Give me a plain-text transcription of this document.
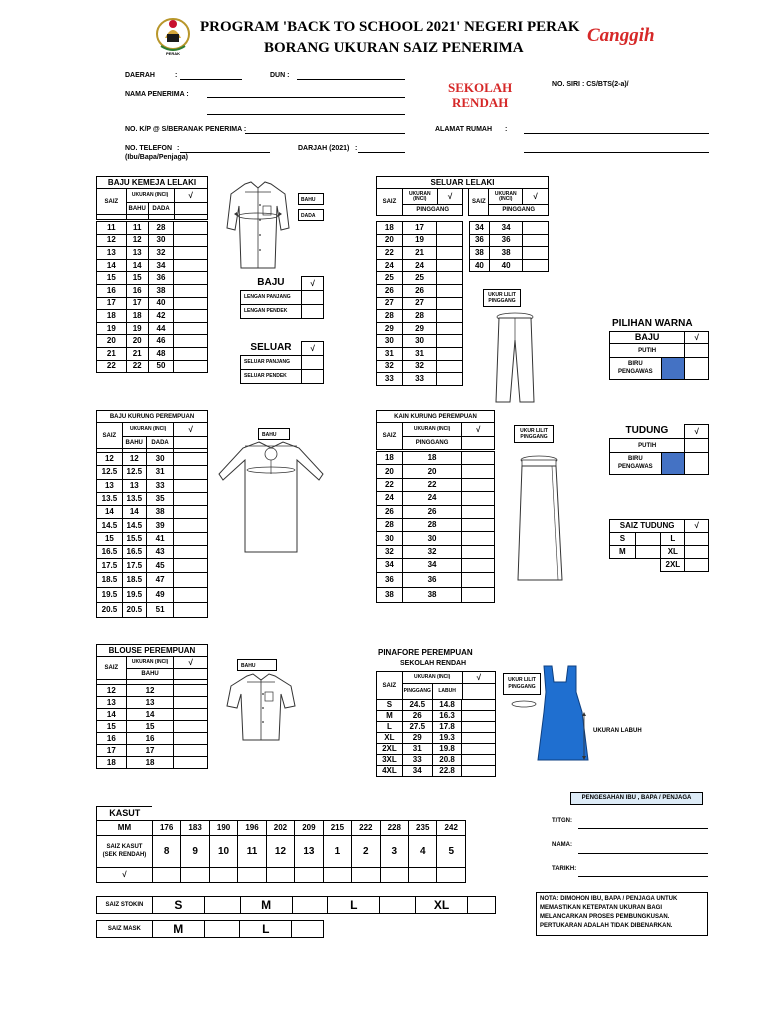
PERAK
PROGRAM 'BACK TO SCHOOL 2021' NEGERI PERAK
BORANG UKURAN SAIZ PENERIMA
Canggih
DAERAH	:	DUN :
NAMA PENERIMA :	SEKOLAH
RENDAH
NO. SIRI : CS/BTS(2-a)/
NO. K/P @ S/BERANAK PENERIMA :	ALAMAT RUMAH :
NO. TELEFON :
(Ibu/Bapa/Penjaga)
DARJAH (2021) :
BAJU KEMEJA LELAKI			
SAIZ	UKURAN (INCI)		√
	BAHU	DADA	

11	11	28	
12	12	30	
13	13	32	
14	14	34	
15	15	36	
16	16	38	
17	17	40	
18	18	42	
19	19	44	
20	20	46	
21	21	48	
22	22	50	
BAHU
DADA
BAJU	√
LENGAN PANJANG	
LENGAN PENDEK	
SELUAR	√
SELUAR PANJANG	
SELUAR PENDEK	
SELUAR LELAKI						
SAIZ	UKURAN
(INCI)	√		SAIZ	UKURAN
(INCI)	√
	PINGGANG				PINGGANG	
18	17	
20	19	
22	21	
24	24	
25	25	
26	26	
27	27	
28	28	
29	29	
30	30	
31	31	
32	32	
33	33	
34	34	
36	36	
38	38	
40	40	
UKUR LILIT
PINGGANG
PILIHAN WARNA
BAJU		√
PUTIH		
BIRU PENGAWAS		
BAJU KURUNG PEREMPUAN			
SAIZ	UKURAN (INCI)		√
	BAHU	DADA	

12	12	30	
12.5	12.5	31	
13	13	33	
13.5	13.5	35	
14	14	38	
14.5	14.5	39	
15	15.5	41	
16.5	16.5	43	
17.5	17.5	45	
18.5	18.5	47	
19.5	19.5	49	
20.5	20.5	51	
BAHU
KAIN KURUNG PEREMPUAN		
SAIZ	UKURAN (INCI)	√
	PINGGANG	
18	18	
20	20	
22	22	
24	24	
26	26	
28	28	
30	30	
32	32	
34	34	
36	36	
38	38	
UKUR LILIT
PINGGANG
TUDUNG		√
PUTIH		
BIRU PENGAWAS		
SAIZ TUDUNG			√
S		L	
M		XL	
		2XL	
BLOUSE PEREMPUAN		
SAIZ	UKURAN (INCI)	√
	BAHU	

12	12	
13	13	
14	14	
15	15	
16	16	
17	17	
18	18	
BAHU
PINAFORE PEREMPUAN
SEKOLAH RENDAH
SAIZ	UKURAN (INCI)		√
	PINGGANG	LABUH	
S	24.5	14.8	
M	26	16.3	
L	27.5	17.8	
XL	29	19.3	
2XL	31	19.8	
3XL	33	20.8	
4XL	34	22.8	
UKUR LILIT
PINGGANG
UKURAN LABUH
KASUT											
MM	176	183	190	196	202	209	215	222	228	235	242
SAIZ KASUT
(SEK RENDAH)	8	9	10	11	12	13	1	2	3	4	5
√											
SAIZ STOKIN	S		M		L		XL	
SAIZ MASK	M		L	
PENGESAHAN IBU , BAPA / PENJAGA
T/TGN:
NAMA:
TARIKH:
NOTA: DIMOHON IBU, BAPA / PENJAGA UNTUK
MEMASTIKAN KETEPATAN UKURAN BAGI
MELANCARKAN PROSES PEMBUNGKUSAN.
PERTUKARAN ADALAH TIDAK DIBENARKAN.
